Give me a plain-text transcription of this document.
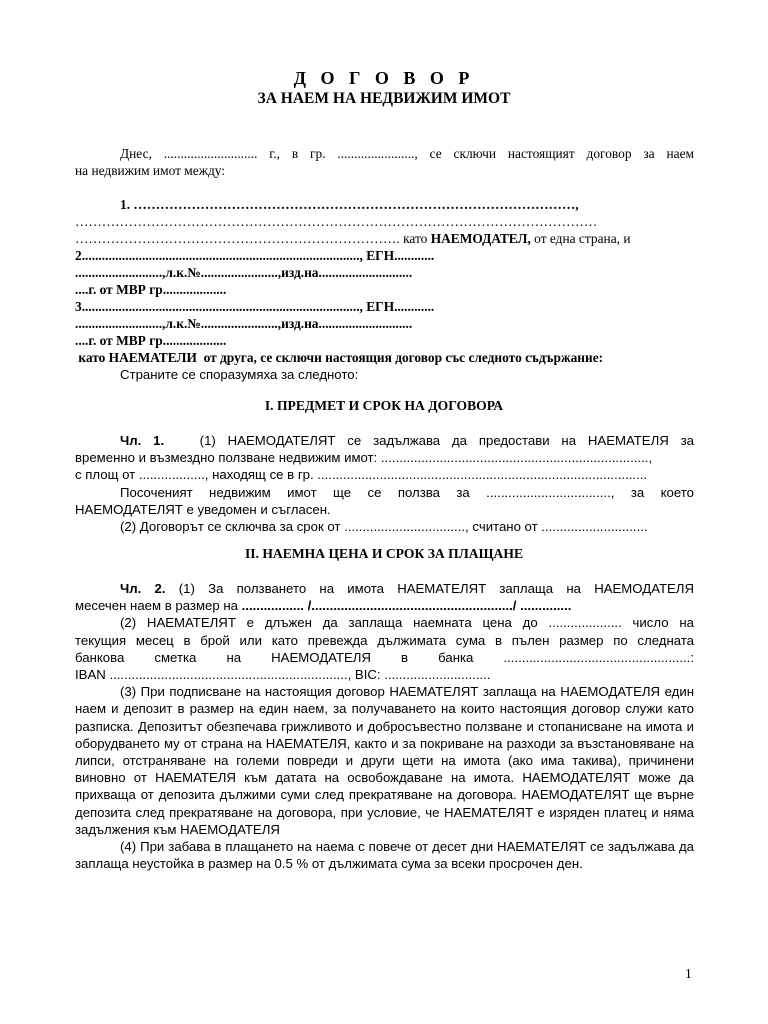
Д О Г О В О Р
ЗА НАЕМ НА НЕДВИЖИМ ИМОТ

Днес, ............................ г., в гр. ......................., се сключи настоящият договор за наем

на недвижим имот между:

1. ………………………………………………………………………………………,

………………………………………………………………………………………………………

………………………………………………………………. като НАЕМОДАТЕЛ, от една страна, и

2..................................................................................., ЕГН............

..........................,л.к.№.......................,изд.на............................

....г. от МВР гр...................

3..................................................................................., ЕГН............

..........................,л.к.№.......................,изд.на............................

....г. от МВР гр...................

като НАЕМАТЕЛИ  от друга, се сключи настоящия договор със следното съдържание:
Страните се споразумяха за следното:
I. ПРЕДМЕТ И СРОК НА ДОГОВОРА

Чл. 1.	(1) НАЕМОДАТЕЛЯТ се задължава да предостави на НАЕМАТЕЛЯ за

временно и възмездно ползване недвижим имот: .........................................................................,

с площ от .................., находящ се в гр. ..........................................................................................

Посоченият недвижим имот ще се ползва за .................................., за което

НАЕМОДАТЕЛЯТ е уведомен и съгласен.

(2) Договорът се сключва за срок от ................................., считано от .............................

II. НАЕМНА ЦЕНА И СРОК ЗА ПЛАЩАНЕ

Чл. 2. (1) За ползването на имота НАЕМАТЕЛЯТ заплаща на НАЕМОДАТЕЛЯ

месечен наем в размер на ................. /......................................................./ ..............

(2) НАЕМАТЕЛЯТ е длъжен да заплаща наемната цена до .................... число на

текущия месец в брой или като превежда дължимата сума в пълен размер по следната

банкова сметка на НАЕМОДАТЕЛЯ в банка ...................................................:

IBAN ................................................................., BIC: .............................

(3) При подписване на настоящия договор НАЕМАТЕЛЯТ заплаща на НАЕМОДАТЕЛЯ един наем и депозит в размер на един наем, за получаването на които настоящия договор служи като разписка. Депозитът обезпечава грижливото и добросъвестно ползване и стопанисване на имота и оборудването му от страна на НАЕМАТЕЛЯ, както и за покриване на разходи за възстановяване на липси, отстраняване на големи повреди и други щети на имота (ако има такива), причинени виновно от НАЕМАТЕЛЯ към датата на освобождаване на имота. НАЕМОДАТЕЛЯТ може да прихваща от депозита дължими суми след прекратяване на договора. НАЕМОДАТЕЛЯТ ще върне депозита след прекратяване на договора, при условие, че НАЕМАТЕЛЯТ е изряден платец и няма задължения към НАЕМОДАТЕЛЯ

(4) При забава в плащането на наема с повече от десет дни НАЕМАТЕЛЯТ се задължава да заплаща неустойка в размер на 0.5 % от дължимата сума за всеки просрочен ден.

1
